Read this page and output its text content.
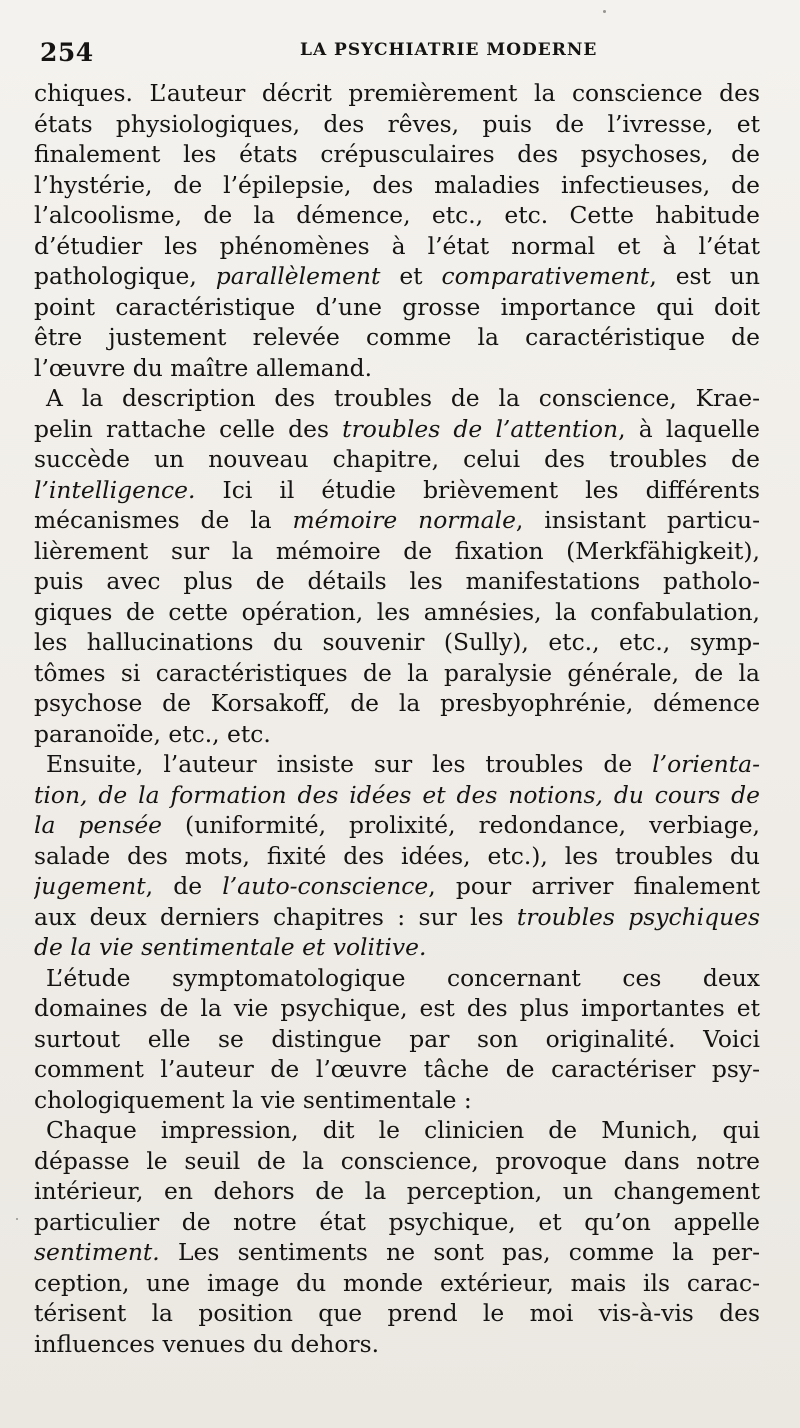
254	LA PSYCHIATRIE MODERNE
chiques. L’auteur décrit premièrement la conscience des
états physiologiques, des rêves, puis de l’ivresse, et
finalement les états crépusculaires des psychoses, de
l’hystérie, de l’épilepsie, des maladies infectieuses, de
l’alcoolisme, de la démence, etc., etc. Cette habitude
d’étudier les phénomènes à l’état normal et à l’état
pathologique, parallèlement et comparativement, est un
point caractéristique d’une grosse importance qui doit
être justement relevée comme la caractéristique de
l’œuvre du maître allemand.
A la description des troubles de la conscience, Krae-
pelin rattache celle des troubles de l’attention, à laquelle
succède un nouveau chapitre, celui des troubles de
l’intelligence. Ici il étudie brièvement les différents
mécanismes de la mémoire normale, insistant particu-
lièrement sur la mémoire de fixation (Merkfähigkeit),
puis avec plus de détails les manifestations patholo-
giques de cette opération, les amnésies, la confabulation,
les hallucinations du souvenir (Sully), etc., etc., symp-
tômes si caractéristiques de la paralysie générale, de la
psychose de Korsakoff, de la presbyophrénie, démence
paranoïde, etc., etc.
Ensuite, l’auteur insiste sur les troubles de l’orienta-
tion, de la formation des idées et des notions, du cours de
la pensée (uniformité, prolixité, redondance, verbiage,
salade des mots, fixité des idées, etc.), les troubles du
jugement, de l’auto-conscience, pour arriver finalement
aux deux derniers chapitres : sur les troubles psychiques
de la vie sentimentale et volitive.
L’étude symptomatologique concernant ces deux
domaines de la vie psychique, est des plus importantes et
surtout elle se distingue par son originalité. Voici
comment l’auteur de l’œuvre tâche de caractériser psy-
chologiquement la vie sentimentale :
Chaque impression, dit le clinicien de Munich, qui
dépasse le seuil de la conscience, provoque dans notre
intérieur, en dehors de la perception, un changement
particulier de notre état psychique, et qu’on appelle
sentiment. Les sentiments ne sont pas, comme la per-
ception, une image du monde extérieur, mais ils carac-
térisent la position que prend le moi vis-à-vis des
influences venues du dehors.
